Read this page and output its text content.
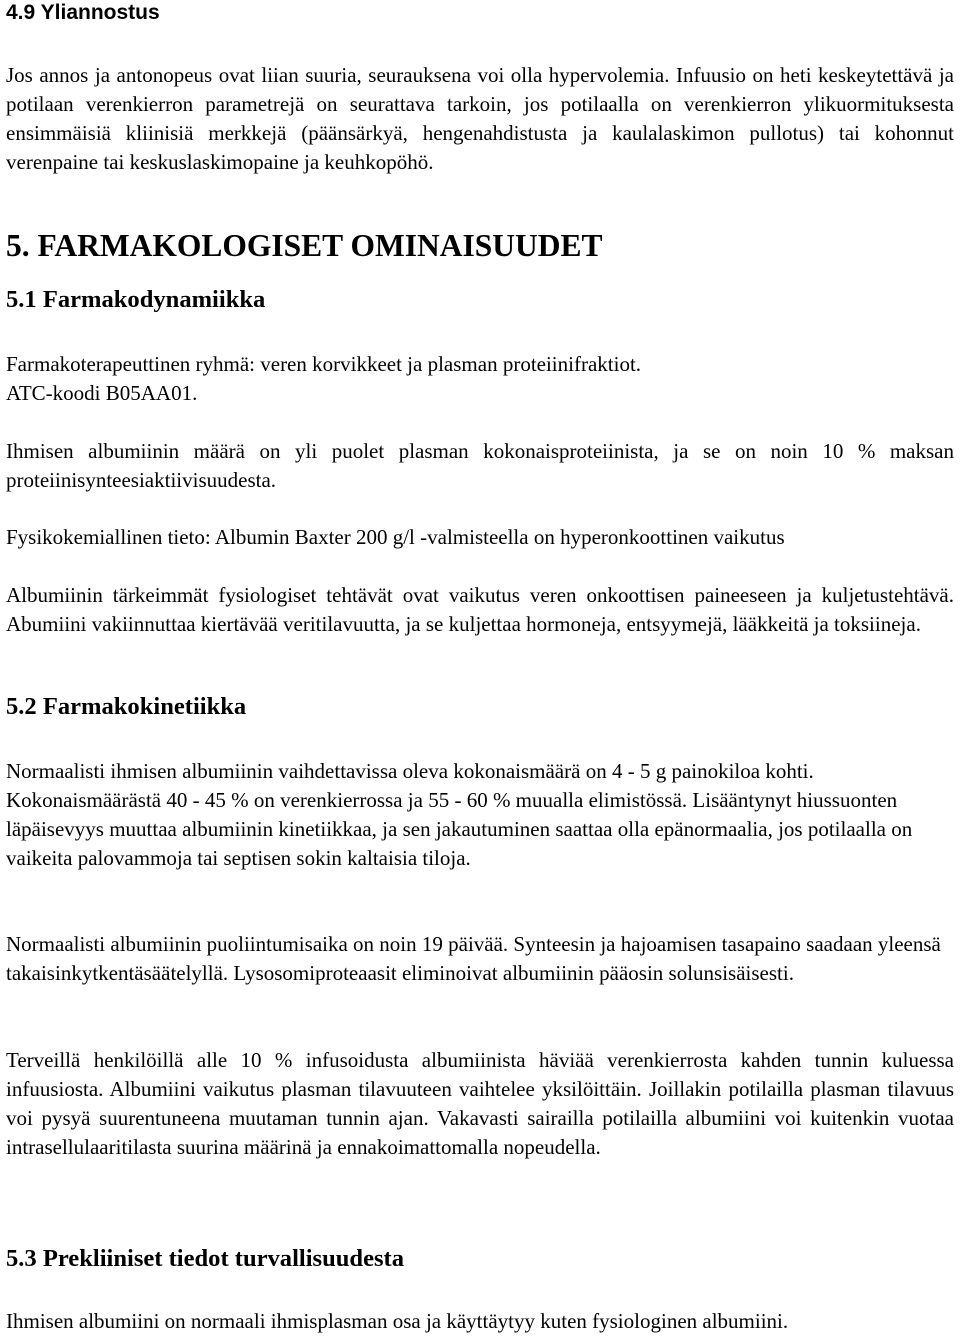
4.9 Yliannostus

Jos annos ja antonopeus ovat liian suuria, seurauksena voi olla hypervolemia. Infuusio on heti keskeytettävä ja potilaan verenkierron parametrejä on seurattava tarkoin, jos potilaalla on verenkierron ylikuormituksesta ensimmäisiä kliinisiä merkkejä (päänsärkyä, hengenahdistusta ja kaulalaskimon pullotus) tai kohonnut verenpaine tai keskuslaskimopaine ja keuhkopöhö.

5. FARMAKOLOGISET OMINAISUUDET
5.1 Farmakodynamiikka

Farmakoterapeuttinen ryhmä: veren korvikkeet ja plasman proteiinifraktiot.

ATC-koodi B05AA01.

Ihmisen albumiinin määrä on yli puolet plasman kokonaisproteiinista, ja se on noin 10 % maksan proteiinisynteesiaktiivisuudesta.

Fysikokemiallinen tieto: Albumin Baxter 200 g/l -valmisteella on hyperonkoottinen vaikutus

Albumiinin tärkeimmät fysiologiset tehtävät ovat vaikutus veren onkoottisen paineeseen ja kuljetustehtävä. Abumiini vakiinnuttaa kiertävää veritilavuutta, ja se kuljettaa hormoneja, entsyymejä, lääkkeitä ja toksiineja.

5.2 Farmakokinetiikka

Normaalisti ihmisen albumiinin vaihdettavissa oleva kokonaismäärä on 4 - 5 g painokiloa kohti. Kokonaismäärästä 40 - 45 % on verenkierrossa ja 55 - 60 % muualla elimistössä. Lisääntynyt hiussuonten läpäisevyys muuttaa albumiinin kinetiikkaa, ja sen jakautuminen saattaa olla epänormaalia, jos potilaalla on vaikeita palovammoja tai septisen sokin kaltaisia tiloja.

Normaalisti albumiinin puoliintumisaika on noin 19 päivää. Synteesin ja hajoamisen tasapaino saadaan yleensä takaisinkytkentäsäätelyllä. Lysosomiproteaasit eliminoivat albumiinin pääosin solunsisäisesti.

Terveillä henkilöillä alle 10 % infusoidusta albumiinista häviää verenkierrosta kahden tunnin kuluessa infuusiosta. Albumiini vaikutus plasman tilavuuteen vaihtelee yksilöittäin. Joillakin potilailla plasman tilavuus voi pysyä suurentuneena muutaman tunnin ajan. Vakavasti sairailla potilailla albumiini voi kuitenkin vuotaa intrasellulaaritilasta suurina määrinä ja ennakoimattomalla nopeudella.

5.3 Prekliiniset tiedot turvallisuudesta

Ihmisen albumiini on normaali ihmisplasman osa ja käyttäytyy kuten fysiologinen albumiini.
